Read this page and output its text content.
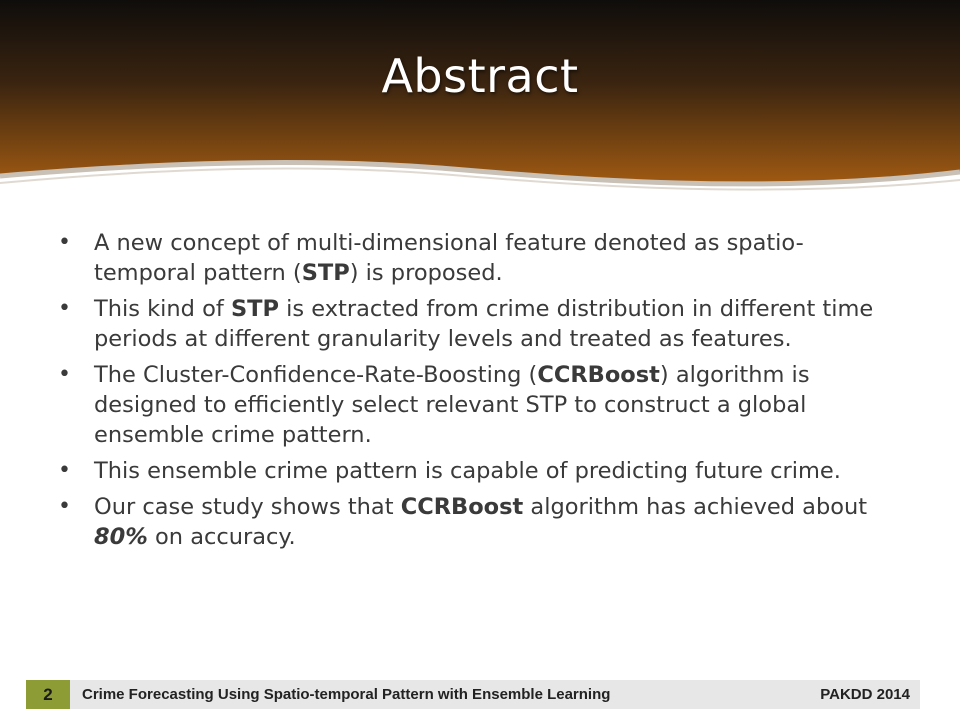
Abstract
•	A new concept of multi-dimensional feature denoted as spatio-temporal pattern (STP) is proposed.
•	This kind of STP is extracted from crime distribution in different time periods at different granularity levels and treated as features.
•	The Cluster-Confidence-Rate-Boosting (CCRBoost) algorithm is designed to efficiently select relevant STP to construct a global ensemble crime pattern.
•	This ensemble crime pattern is capable of predicting future crime.
•	Our case study shows that CCRBoost algorithm has achieved about 80% on accuracy.
2	Crime Forecasting Using Spatio-temporal Pattern with Ensemble Learning	PAKDD 2014
